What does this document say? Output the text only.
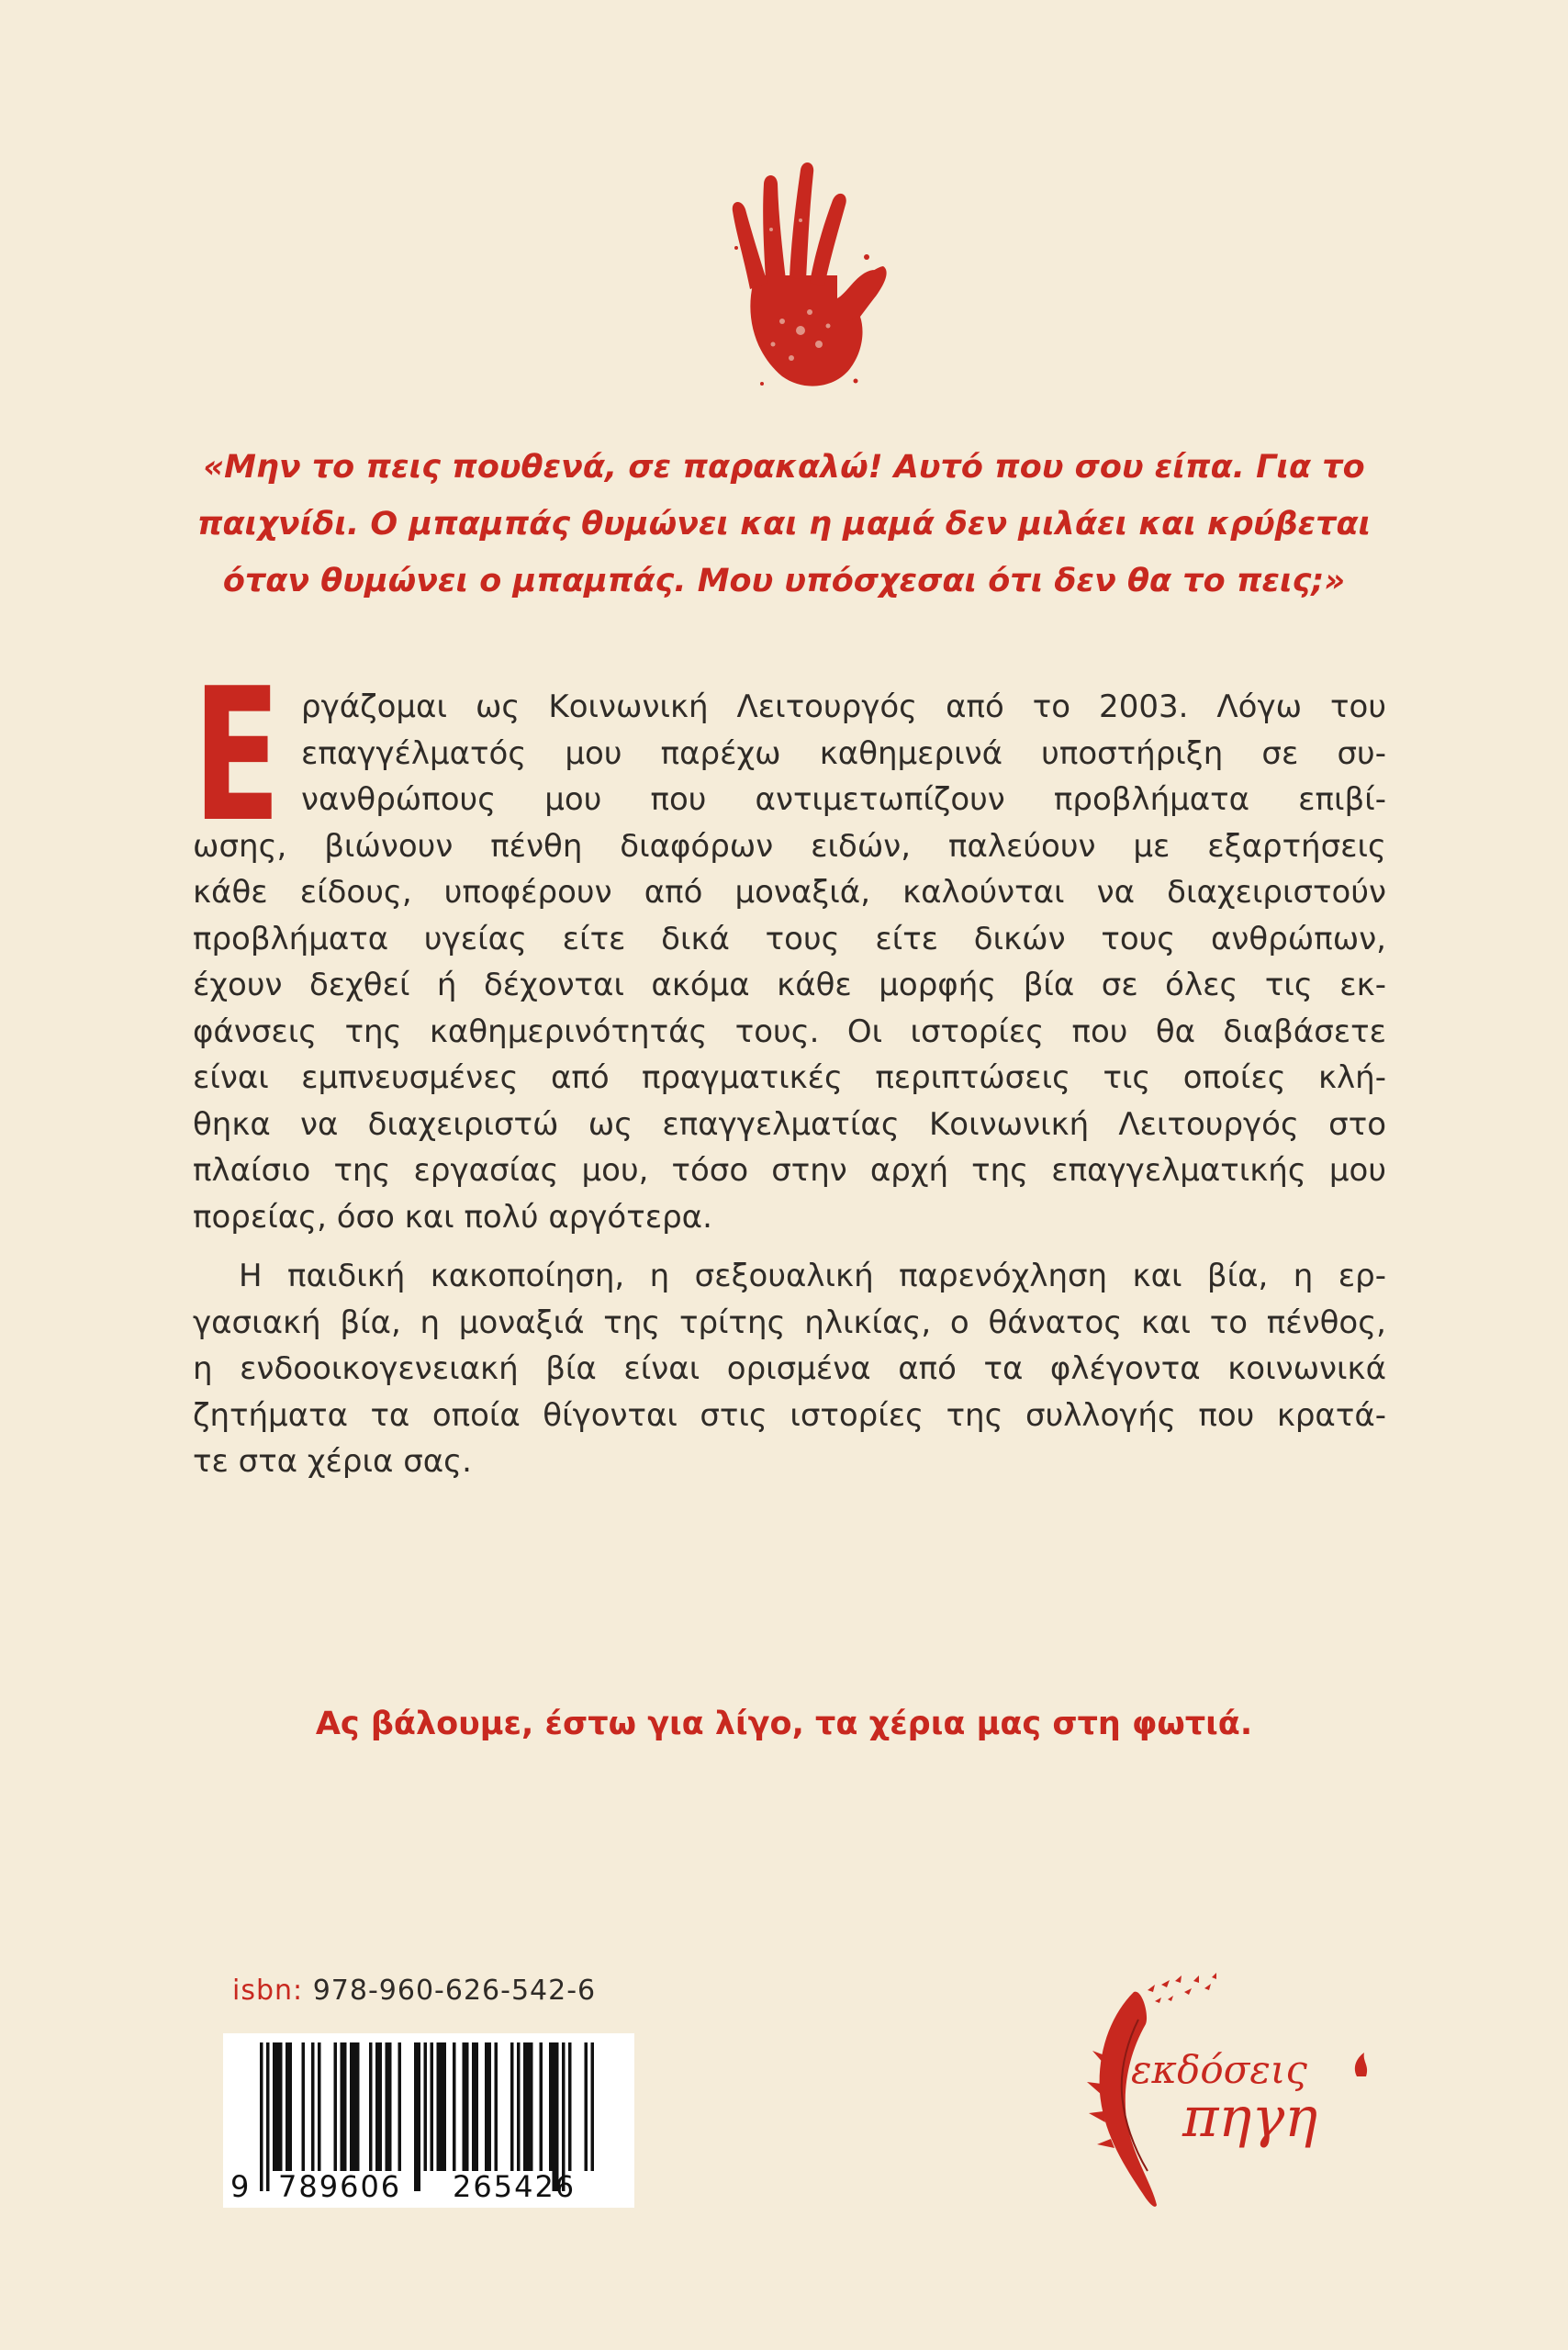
«Μην το πεις πουθενά, σε παρακαλώ! Αυτό που σου είπα. Για το
παιχνίδι. Ο μπαμπάς θυμώνει και η μαμά δεν μιλάει και κρύβεται
όταν θυμώνει ο μπαμπάς. Μου υπόσχεσαι ότι δεν θα το πεις;»
Ε ργάζομαι ως Κοινωνική Λειτουργός από το 2003. Λόγω του
επαγγέλματός μου παρέχω καθημερινά υποστήριξη σε συ-
νανθρώπους μου που αντιμετωπίζουν προβλήματα επιβί-
ωσης, βιώνουν πένθη διαφόρων ειδών, παλεύουν με εξαρτήσεις
κάθε είδους, υποφέρουν από μοναξιά, καλούνται να διαχειριστούν
προβλήματα υγείας είτε δικά τους είτε δικών τους ανθρώπων,
έχουν δεχθεί ή δέχονται ακόμα κάθε μορφής βία σε όλες τις εκ-
φάνσεις της καθημερινότητάς τους. Οι ιστορίες που θα διαβάσετε
είναι εμπνευσμένες από πραγματικές περιπτώσεις τις οποίες κλή-
θηκα να διαχειριστώ ως επαγγελματίας Κοινωνική Λειτουργός στο
πλαίσιο της εργασίας μου, τόσο στην αρχή της επαγγελματικής μου
πορείας, όσο και πολύ αργότερα.
Η παιδική κακοποίηση, η σεξουαλική παρενόχληση και βία, η ερ-
γασιακή βία, η μοναξιά της τρίτης ηλικίας, ο θάνατος και το πένθος,
η ενδοοικογενειακή βία είναι ορισμένα από τα φλέγοντα κοινωνικά
ζητήματα τα οποία θίγονται στις ιστορίες της συλλογής που κρατά-
τε στα χέρια σας.
Ας βάλουμε, έστω για λίγο, τα χέρια μας στη φωτιά.
isbn: 978-960-626-542-6
9 789606 265426
εκδόσεις
πηγη
